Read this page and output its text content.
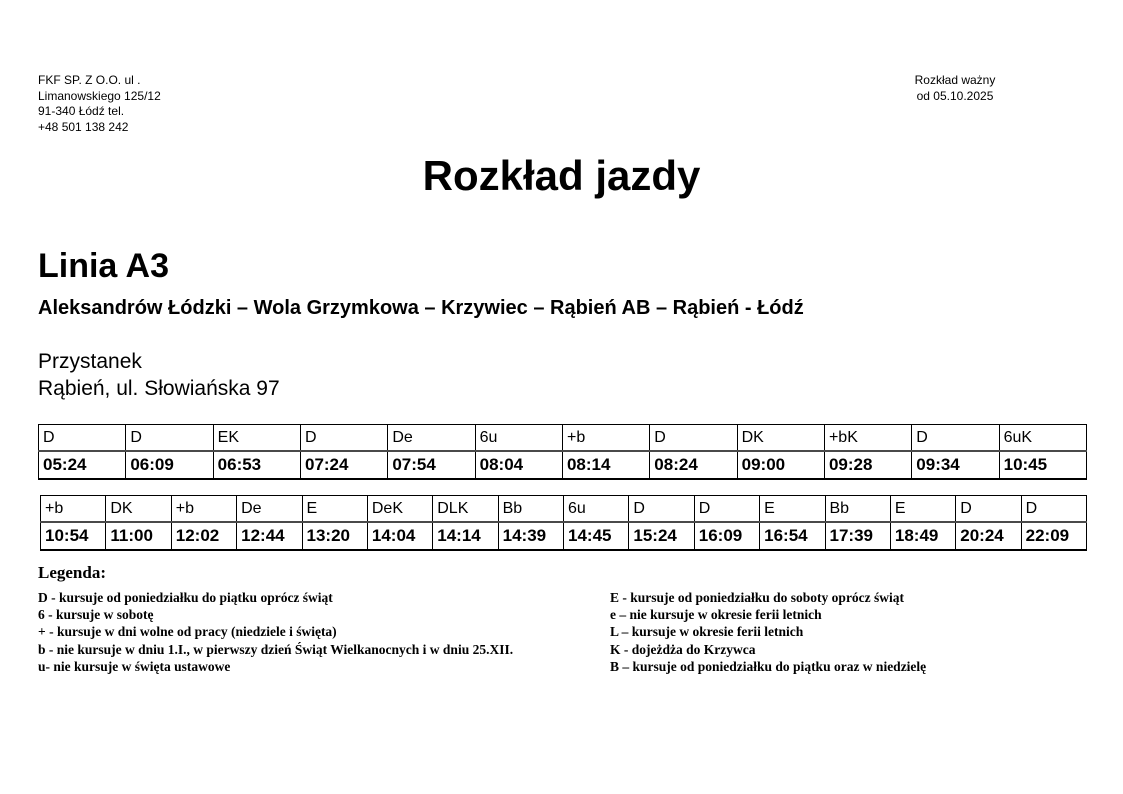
FKF SP. Z O.O. ul .
Limanowskiego 125/12
91-340 Łódź tel.
+48 501 138 242
Rozkład ważny
od 05.10.2025
Rozkład jazdy
Linia A3
Aleksandrów Łódzki – Wola Grzymkowa – Krzywiec – Rąbień AB – Rąbień - Łódź
Przystanek
Rąbień, ul. Słowiańska 97
D	D	EK	D	De	6u	+b	D	DK	+bK	D	6uK
05:24	06:09	06:53	07:24	07:54	08:04	08:14	08:24	09:00	09:28	09:34	10:45
+b	DK	+b	De	E	DeK	DLK	Bb	6u	D	D	E	Bb	E	D	D
10:54	11:00	12:02	12:44	13:20	14:04	14:14	14:39	14:45	15:24	16:09	16:54	17:39	18:49	20:24	22:09
Legenda:
D - kursuje od poniedziałku do piątku oprócz świąt
6 - kursuje w sobotę
+ - kursuje w dni wolne od pracy (niedziele i święta)
b - nie kursuje w dniu 1.I., w pierwszy dzień Świąt Wielkanocnych i w dniu 25.XII.
u- nie kursuje w święta ustawowe
E - kursuje od poniedziałku do soboty oprócz świąt
e – nie kursuje w okresie ferii letnich
L – kursuje w okresie ferii letnich
K - dojeżdża do Krzywca
B – kursuje od poniedziałku do piątku oraz w niedzielę
